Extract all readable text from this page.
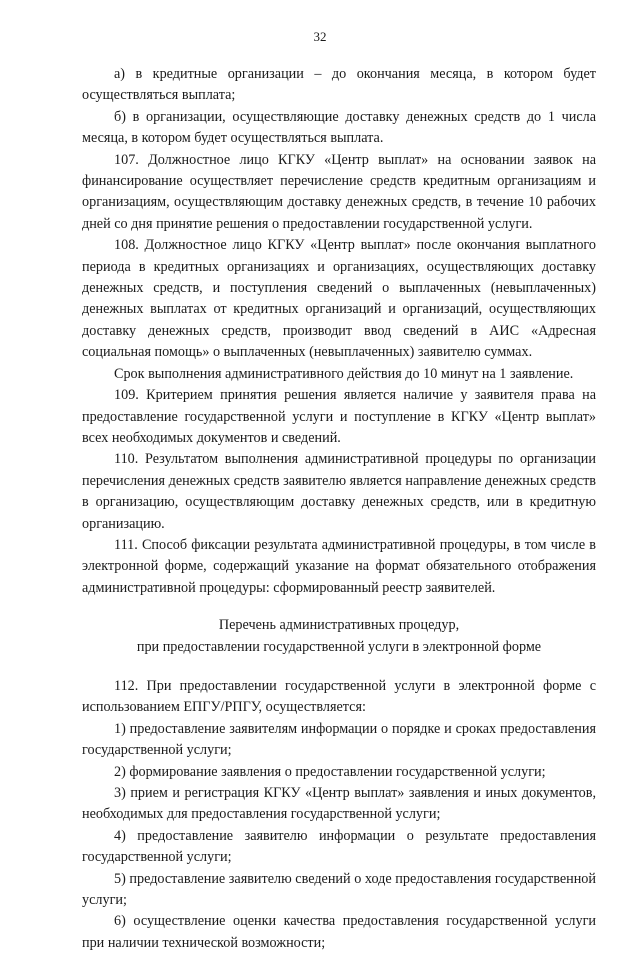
32

а) в кредитные организации – до окончания месяца, в котором будет осуществляться выплата;

б) в организации, осуществляющие доставку денежных средств до 1 числа месяца, в котором будет осуществляться выплата.

107. Должностное лицо КГКУ «Центр выплат» на основании заявок на финансирование осуществляет перечисление средств кредитным организациям и организациям, осуществляющим доставку денежных средств, в течение 10 рабочих дней со дня принятие решения о предоставлении государственной услуги.

108. Должностное лицо КГКУ «Центр выплат» после окончания выплатного периода в кредитных организациях и организациях, осуществляющих доставку денежных средств, и поступления сведений о выплаченных (невыплаченных) денежных выплатах от кредитных организаций и организаций, осуществляющих доставку денежных средств, производит ввод сведений в АИС «Адресная социальная помощь» о выплаченных (невыплаченных) заявителю суммах.

Срок выполнения административного действия до 10 минут на 1 заявление.

109. Критерием принятия решения является наличие у заявителя права на предоставление государственной услуги и поступление в КГКУ «Центр выплат» всех необходимых документов и сведений.

110. Результатом выполнения административной процедуры по организации перечисления денежных средств заявителю является направление денежных средств в организацию, осуществляющим доставку денежных средств, или в кредитную организацию.

111. Способ фиксации результата административной процедуры, в том числе в электронной форме, содержащий указание на формат обязательного отображения административной процедуры: сформированный реестр заявителей.

Перечень административных процедур,
при предоставлении государственной услуги в электронной форме

112. При предоставлении государственной услуги в электронной форме с использованием ЕПГУ/РПГУ, осуществляется:

1) предоставление заявителям информации о порядке и сроках предоставления государственной услуги;

2) формирование заявления о предоставлении государственной услуги;

3) прием и регистрация КГКУ «Центр выплат» заявления и иных документов, необходимых для предоставления государственной услуги;

4) предоставление заявителю информации о результате предоставления государственной услуги;

5) предоставление заявителю сведений о ходе предоставления государственной услуги;

6) осуществление оценки качества предоставления государственной услуги при наличии технической возможности;
